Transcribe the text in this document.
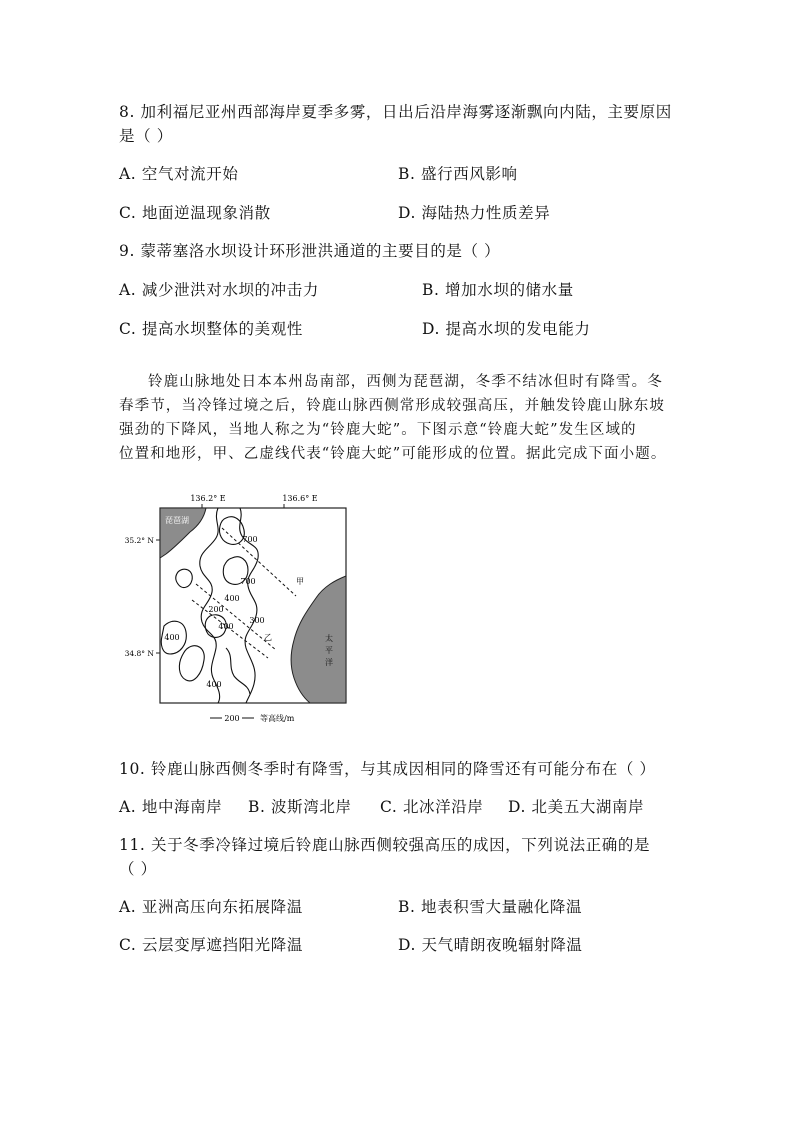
8. 加利福尼亚州西部海岸夏季多雾，日出后沿岸海雾逐渐飘向内陆，主要原因
是（ ）
A. 空气对流开始	B. 盛行西风影响
C. 地面逆温现象消散	D. 海陆热力性质差异
9. 蒙蒂塞洛水坝设计环形泄洪通道的主要目的是（ ）
A. 减少泄洪对水坝的冲击力	B. 增加水坝的储水量
C. 提高水坝整体的美观性	D. 提高水坝的发电能力

铃鹿山脉地处日本本州岛南部，西侧为琵琶湖，冬季不结冰但时有降雪。冬

春季节，当冷锋过境之后，铃鹿山脉西侧常形成较强高压，并触发铃鹿山脉东坡

强劲的下降风，当地人称之为“铃鹿大蛇”。下图示意“铃鹿大蛇”发生区域的

位置和地形，甲、乙虚线代表“铃鹿大蛇”可能形成的位置。据此完成下面小题。

136.2° E	136.6° E
35.2° N
34.8° N
琵琶湖
太
平
洋
甲
乙
700
700
200
400
300
400
400
400
200	等高线/m
10. 铃鹿山脉西侧冬季时有降雪，与其成因相同的降雪还有可能分布在（ ）
A. 地中海南岸 B. 波斯湾北岸 C. 北冰洋沿岸 D. 北美五大湖南岸
11. 关于冬季冷锋过境后铃鹿山脉西侧较强高压的成因，下列说法正确的是
（ ）
A. 亚洲高压向东拓展降温	B. 地表积雪大量融化降温
C. 云层变厚遮挡阳光降温	D. 天气晴朗夜晚辐射降温
